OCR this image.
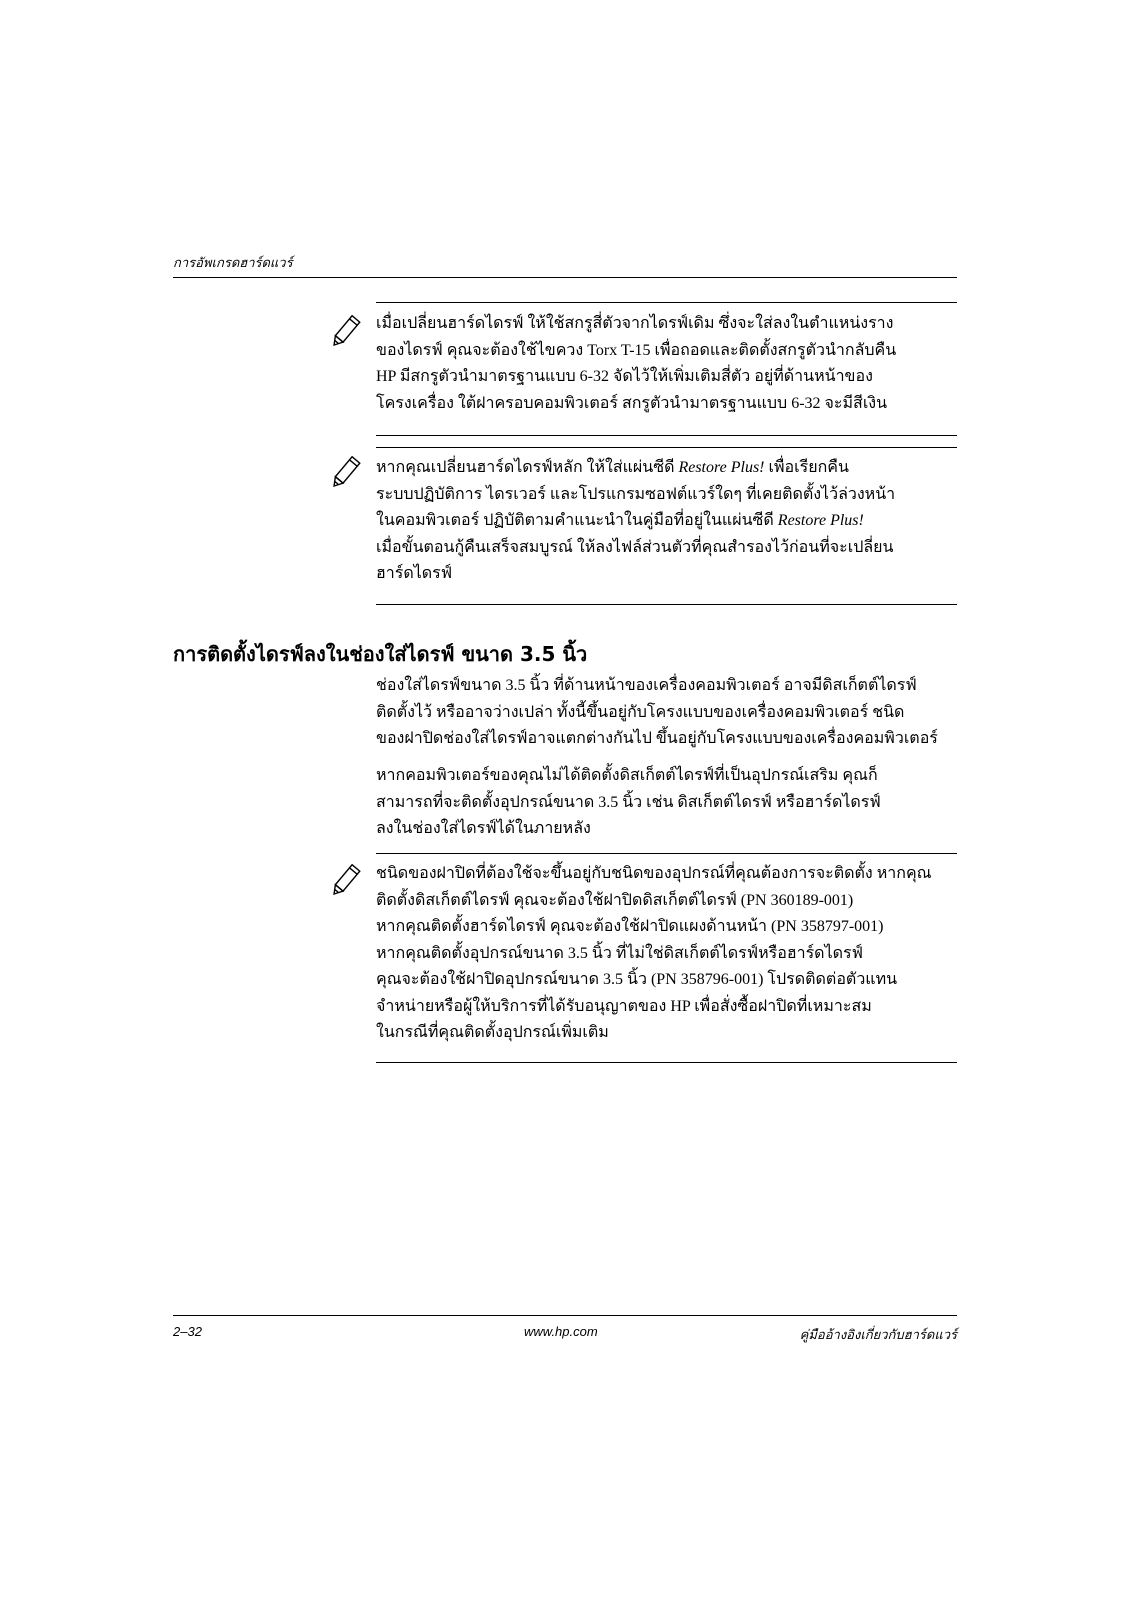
การอัพเกรดฮาร์ดแวร์

เมื่อเปลี่ยนฮาร์ดไดรฟ์ ให้ใช้สกรูสี่ตัวจากไดรฟ์เดิม ซึ่งจะใส่ลงในตำแหน่งราง

ของไดรฟ์ คุณจะต้องใช้ไขควง Torx T-15 เพื่อถอดและติดตั้งสกรูตัวนำกลับคืน

HP มีสกรูตัวนำมาตรฐานแบบ 6-32 จัดไว้ให้เพิ่มเติมสี่ตัว อยู่ที่ด้านหน้าของ

โครงเครื่อง ใต้ฝาครอบคอมพิวเตอร์ สกรูตัวนำมาตรฐานแบบ 6-32 จะมีสีเงิน

หากคุณเปลี่ยนฮาร์ดไดรฟ์หลัก ให้ใส่แผ่นซีดี Restore Plus! เพื่อเรียกคืน

ระบบปฏิบัติการ ไดรเวอร์ และโปรแกรมซอฟต์แวร์ใดๆ ที่เคยติดตั้งไว้ล่วงหน้า

ในคอมพิวเตอร์ ปฏิบัติตามคำแนะนำในคู่มือที่อยู่ในแผ่นซีดี Restore Plus!

เมื่อขั้นตอนกู้คืนเสร็จสมบูรณ์ ให้ลงไฟล์ส่วนตัวที่คุณสำรองไว้ก่อนที่จะเปลี่ยน

ฮาร์ดไดรฟ์

การติดตั้งไดรฟ์ลงในช่องใส่ไดรฟ์ ขนาด 3.5 นิ้ว

ช่องใส่ไดรฟ์ขนาด 3.5 นิ้ว ที่ด้านหน้าของเครื่องคอมพิวเตอร์ อาจมีดิสเก็ตต์ไดรฟ์

ติดตั้งไว้ หรืออาจว่างเปล่า ทั้งนี้ขึ้นอยู่กับโครงแบบของเครื่องคอมพิวเตอร์ ชนิด

ของฝาปิดช่องใส่ไดรฟ์อาจแตกต่างกันไป ขึ้นอยู่กับโครงแบบของเครื่องคอมพิวเตอร์

หากคอมพิวเตอร์ของคุณไม่ได้ติดตั้งดิสเก็ตต์ไดรฟ์ที่เป็นอุปกรณ์เสริม คุณก็

สามารถที่จะติดตั้งอุปกรณ์ขนาด 3.5 นิ้ว เช่น ดิสเก็ตต์ไดรฟ์ หรือฮาร์ดไดรฟ์

ลงในช่องใส่ไดรฟ์ได้ในภายหลัง

ชนิดของฝาปิดที่ต้องใช้จะขึ้นอยู่กับชนิดของอุปกรณ์ที่คุณต้องการจะติดตั้ง หากคุณ

ติดตั้งดิสเก็ตต์ไดรฟ์ คุณจะต้องใช้ฝาปิดดิสเก็ตต์ไดรฟ์ (PN 360189-001)

หากคุณติดตั้งฮาร์ดไดรฟ์ คุณจะต้องใช้ฝาปิดแผงด้านหน้า (PN 358797-001)

หากคุณติดตั้งอุปกรณ์ขนาด 3.5 นิ้ว ที่ไม่ใช่ดิสเก็ตต์ไดรฟ์หรือฮาร์ดไดรฟ์

คุณจะต้องใช้ฝาปิดอุปกรณ์ขนาด 3.5 นิ้ว (PN 358796-001) โปรดติดต่อตัวแทน

จำหน่ายหรือผู้ให้บริการที่ได้รับอนุญาตของ HP เพื่อสั่งซื้อฝาปิดที่เหมาะสม

ในกรณีที่คุณติดตั้งอุปกรณ์เพิ่มเติม

2–32	www.hp.com	คู่มืออ้างอิงเกี่ยวกับฮาร์ดแวร์
